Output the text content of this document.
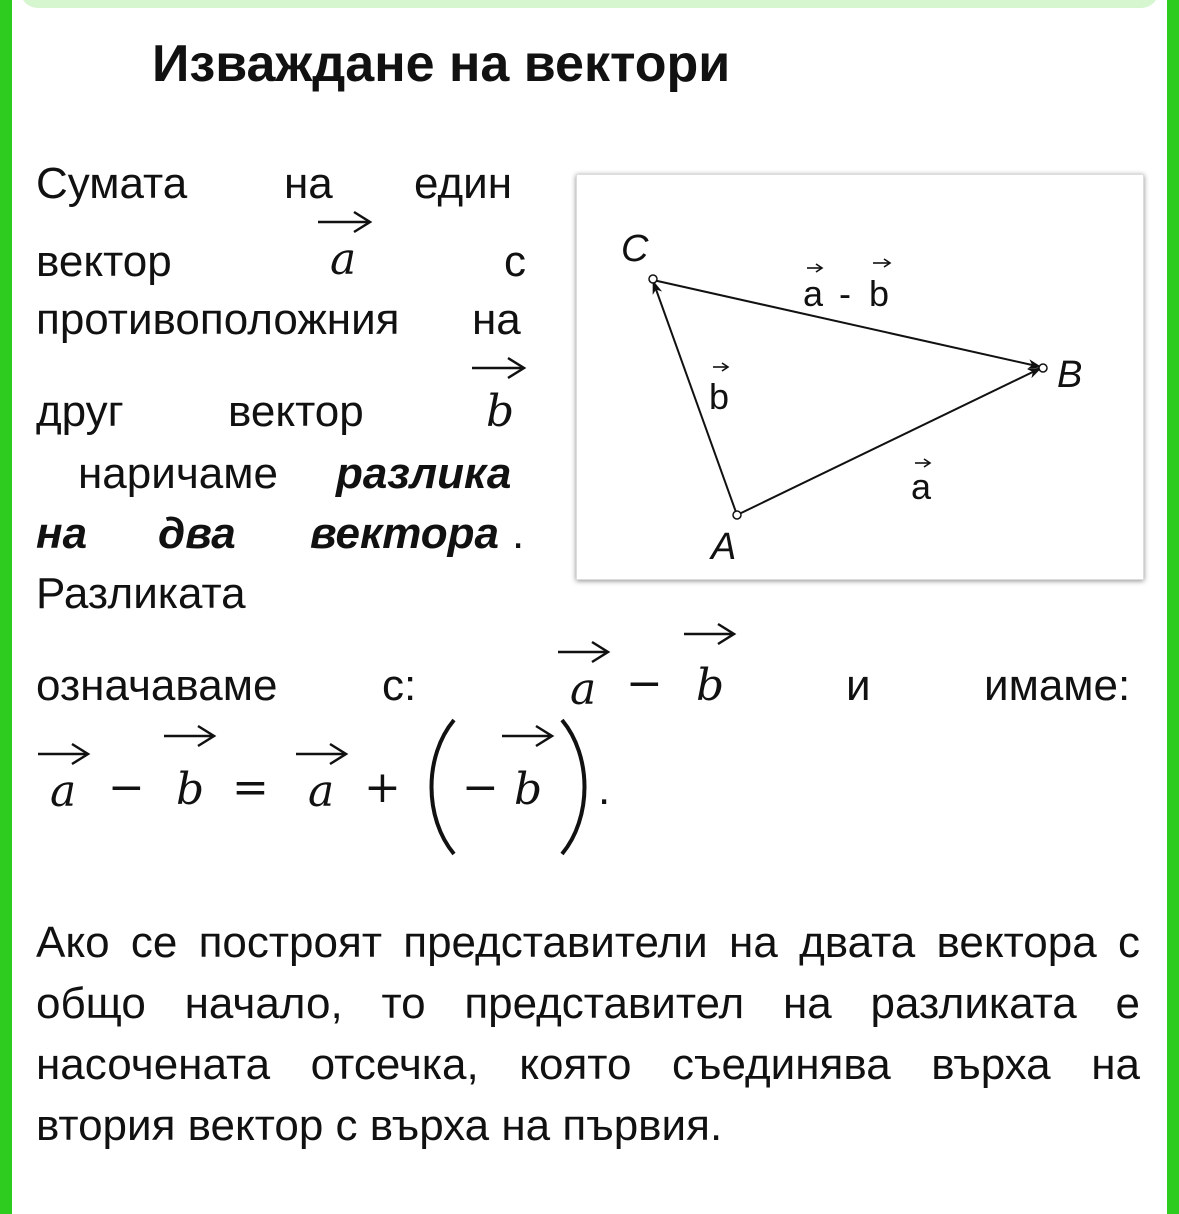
Изваждане на вектори
Сумата на един
вектор	с
a
противоположния на
друг вектор	b
наричаме разлика
на два вектора .
Разликата
означаваме с:	и	имаме:
a − b
a − b = a + − b .
C
B
A
a - b
b
a
Ако се построят представители на двата вектора с общо начало, то представител на разликата е насочената отсечка, която съединява върха на втория вектор с върха на първия.
